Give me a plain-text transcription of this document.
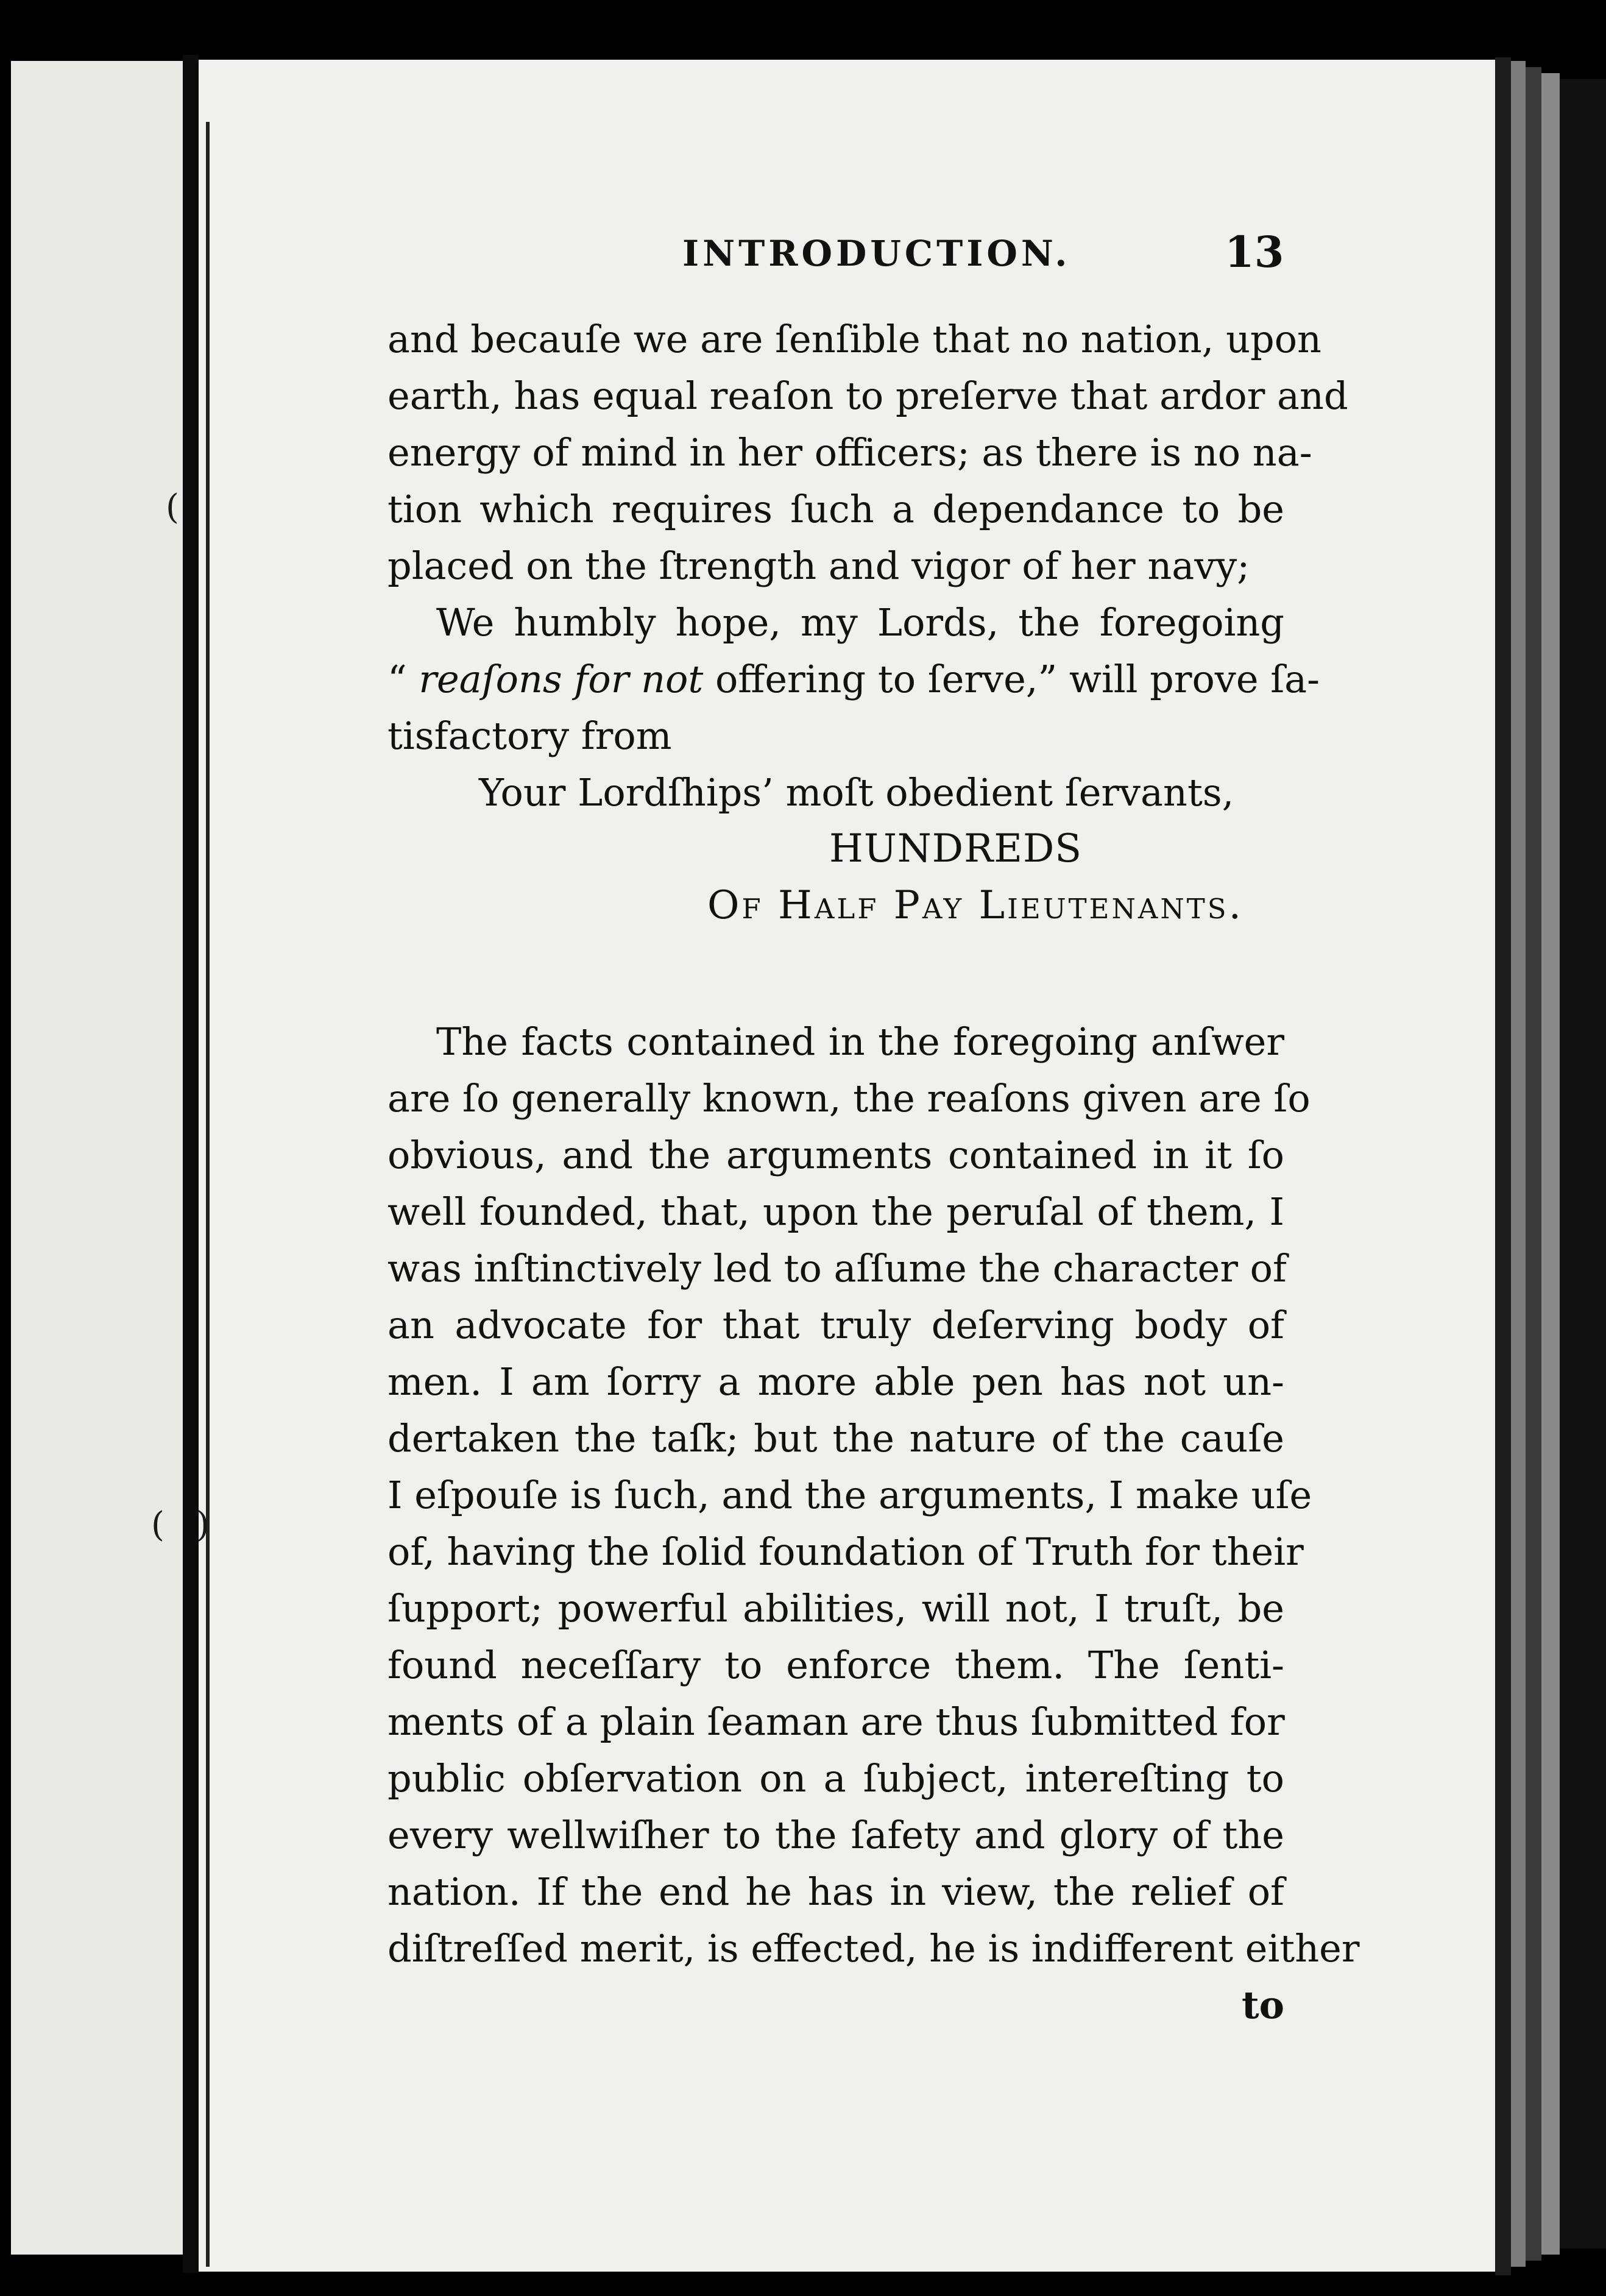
(
( )
INTRODUCTION.	13
and becauſe we are ſenſible that no nation, upon
earth, has equal reaſon to preſerve that ardor and
energy of mind in her officers; as there is no na-
tion which requires ſuch a dependance to be
placed on the ſtrength and vigor of her navy;
We humbly hope, my Lords, the foregoing
“ reaſons for not offering to ſerve,” will prove ſa-
tisfactory from
Your Lordſhips’ moſt obedient ſervants,
HUNDREDS
Of Half Pay Lieutenants.
The facts contained in the foregoing anſwer
are ſo generally known, the reaſons given are ſo
obvious, and the arguments contained in it ſo
well founded, that, upon the peruſal of them, I
was inſtinctively led to aſſume the character of
an advocate for that truly deſerving body of
men. I am ſorry a more able pen has not un-
dertaken the taſk; but the nature of the cauſe
I eſpouſe is ſuch, and the arguments, I make uſe
of, having the ſolid foundation of Truth for their
ſupport; powerful abilities, will not, I truſt, be
found neceſſary to enforce them. The ſenti-
ments of a plain ſeaman are thus ſubmitted for
public obſervation on a ſubject, intereſting to
every wellwiſher to the ſafety and glory of the
nation. If the end he has in view, the relief of
diſtreſſed merit, is effected, he is indifferent either
to
